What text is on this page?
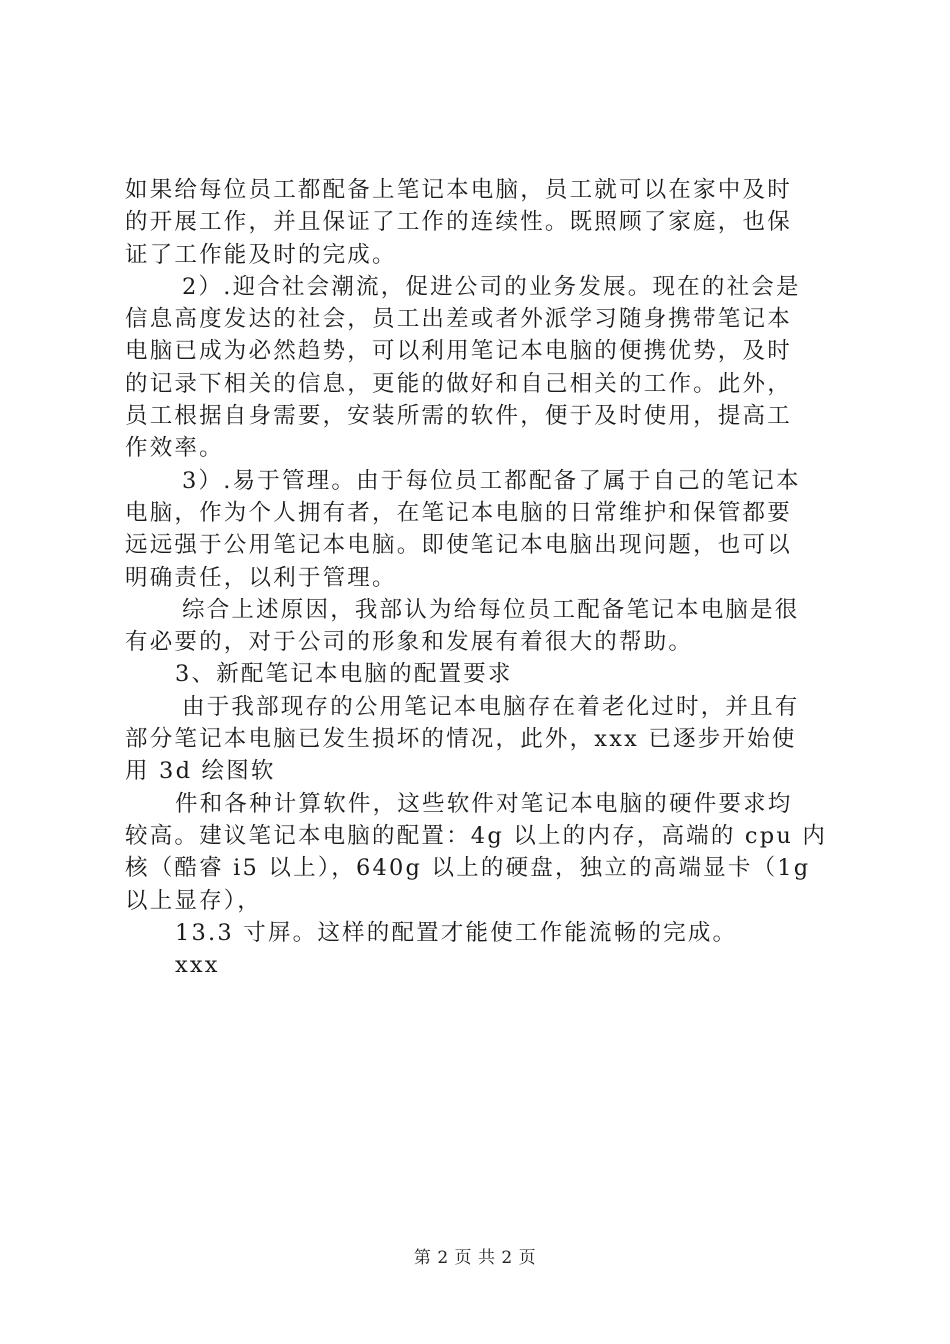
如果给每位员工都配备上笔记本电脑，员工就可以在家中及时
的开展工作，并且保证了工作的连续性。既照顾了家庭，也保
证了工作能及时的完成。
2）.迎合社会潮流，促进公司的业务发展。现在的社会是
信息高度发达的社会，员工出差或者外派学习随身携带笔记本
电脑已成为必然趋势，可以利用笔记本电脑的便携优势，及时
的记录下相关的信息，更能的做好和自己相关的工作。此外，
员工根据自身需要，安装所需的软件，便于及时使用，提高工
作效率。
3）.易于管理。由于每位员工都配备了属于自己的笔记本
电脑，作为个人拥有者，在笔记本电脑的日常维护和保管都要
远远强于公用笔记本电脑。即使笔记本电脑出现问题，也可以
明确责任，以利于管理。
综合上述原因，我部认为给每位员工配备笔记本电脑是很
有必要的，对于公司的形象和发展有着很大的帮助。
3、新配笔记本电脑的配置要求
由于我部现存的公用笔记本电脑存在着老化过时，并且有
部分笔记本电脑已发生损坏的情况，此外，xxx 已逐步开始使
用 3d 绘图软
件和各种计算软件，这些软件对笔记本电脑的硬件要求均
较高。建议笔记本电脑的配置：4g 以上的内存，高端的 cpu 内
核（酷睿 i5 以上），640g 以上的硬盘，独立的高端显卡（1g
以上显存），
13.3 寸屏。这样的配置才能使工作能流畅的完成。
xxx
第 2 页 共 2 页
